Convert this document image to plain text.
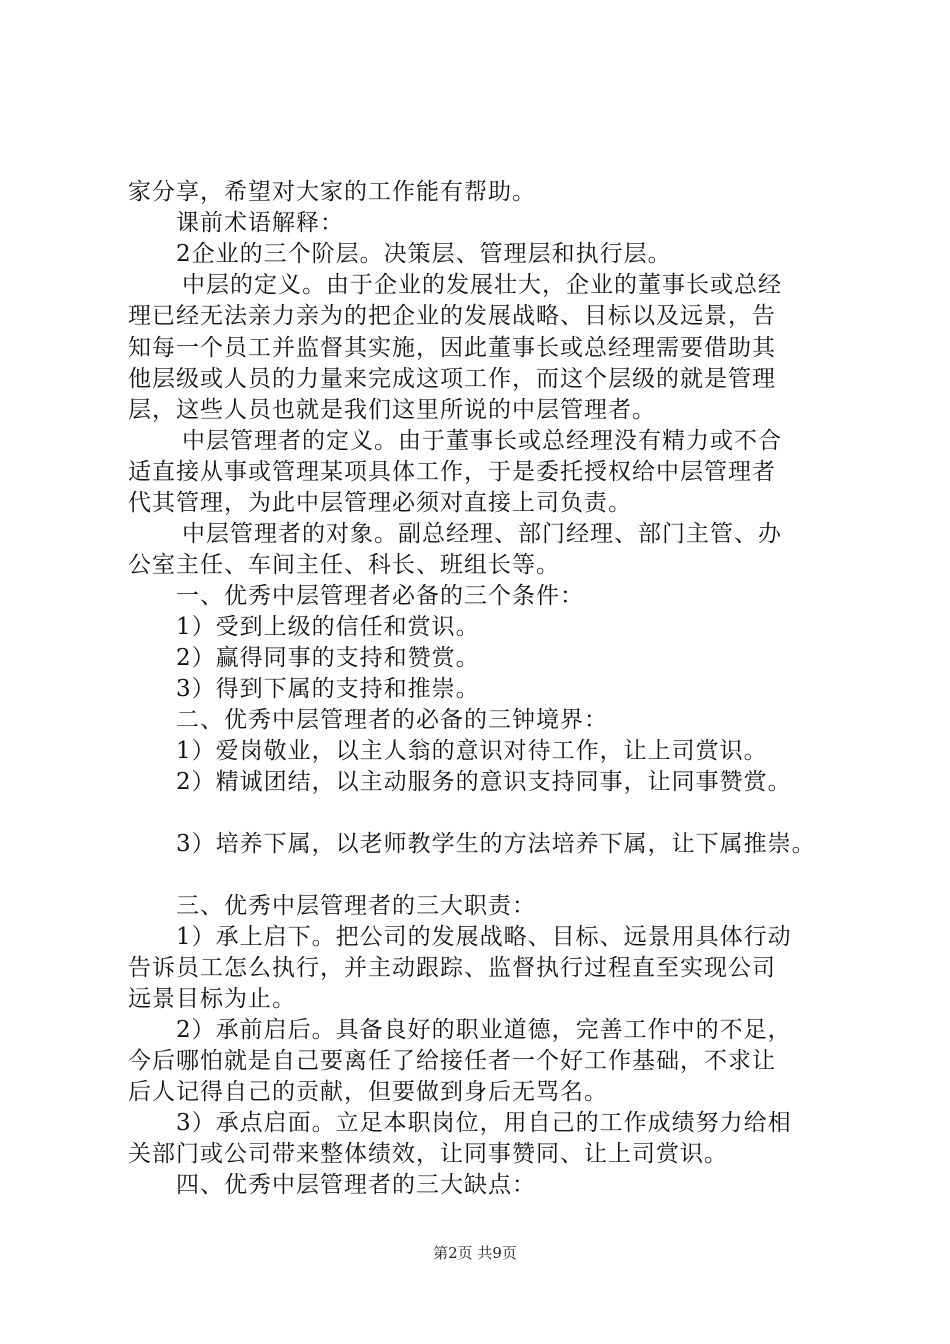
家分享，希望对大家的工作能有帮助。
课前术语解释：
2企业的三个阶层。决策层、管理层和执行层。
中层的定义。由于企业的发展壮大，企业的董事长或总经
理已经无法亲力亲为的把企业的发展战略、目标以及远景，告
知每一个员工并监督其实施，因此董事长或总经理需要借助其
他层级或人员的力量来完成这项工作，而这个层级的就是管理
层，这些人员也就是我们这里所说的中层管理者。
中层管理者的定义。由于董事长或总经理没有精力或不合
适直接从事或管理某项具体工作，于是委托授权给中层管理者
代其管理，为此中层管理必须对直接上司负责。
中层管理者的对象。副总经理、部门经理、部门主管、办
公室主任、车间主任、科长、班组长等。
一、优秀中层管理者必备的三个条件：
1）受到上级的信任和赏识。
2）赢得同事的支持和赞赏。
3）得到下属的支持和推崇。
二、优秀中层管理者的必备的三钟境界：
1）爱岗敬业，以主人翁的意识对待工作，让上司赏识。
2）精诚团结，以主动服务的意识支持同事，让同事赞赏。
3）培养下属，以老师教学生的方法培养下属，让下属推崇。
三、优秀中层管理者的三大职责：
1）承上启下。把公司的发展战略、目标、远景用具体行动
告诉员工怎么执行，并主动跟踪、监督执行过程直至实现公司
远景目标为止。
2）承前启后。具备良好的职业道德，完善工作中的不足，
今后哪怕就是自己要离任了给接任者一个好工作基础，不求让
后人记得自己的贡献，但要做到身后无骂名。
3）承点启面。立足本职岗位，用自己的工作成绩努力给相
关部门或公司带来整体绩效，让同事赞同、让上司赏识。
四、优秀中层管理者的三大缺点：
第2页 共9页
